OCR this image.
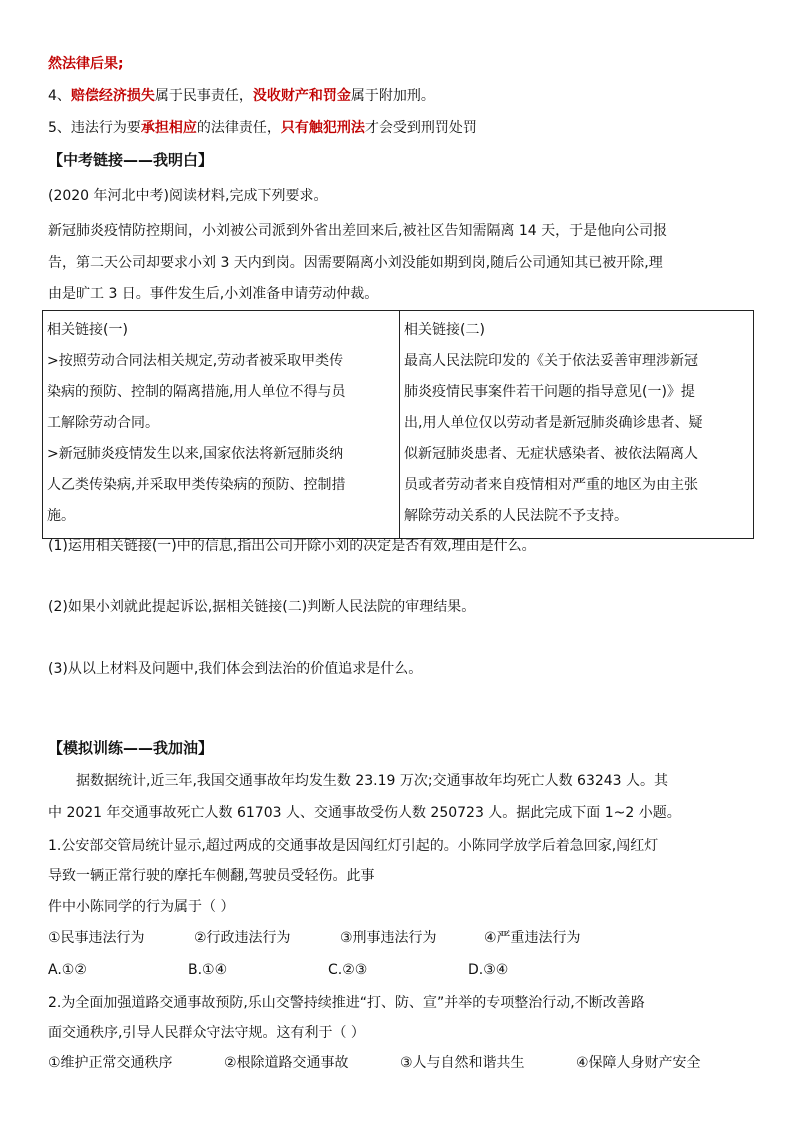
然法律后果;
4、赔偿经济损失属于民事责任，没收财产和罚金属于附加刑。
5、违法行为要承担相应的法律责任，只有触犯刑法才会受到刑罚处罚
【中考链接——我明白】
(2020 年河北中考)阅读材料,完成下列要求。
新冠肺炎疫情防控期间，小刘被公司派到外省出差回来后,被社区告知需隔离 14 天，于是他向公司报
告，第二天公司却要求小刘 3 天内到岗。因需要隔离小刘没能如期到岗,随后公司通知其已被开除,理
由是旷工 3 日。事件发生后,小刘准备申请劳动仲裁。
相关链接(一)
>按照劳动合同法相关规定,劳动者被采取甲类传
染病的预防、控制的隔离措施,用人单位不得与员
工解除劳动合同。
>新冠肺炎疫情发生以来,国家依法将新冠肺炎纳
人乙类传染病,并采取甲类传染病的预防、控制措
施。

相关链接(二)
最高人民法院印发的《关于依法妥善审理涉新冠
肺炎疫情民事案件若干问题的指导意见(一)》提
出,用人单位仅以劳动者是新冠肺炎确诊患者、疑
似新冠肺炎患者、无症状感染者、被依法隔离人
员或者劳动者来自疫情相对严重的地区为由主张
解除劳动关系的人民法院不予支持。
(1)运用相关链接(一)中的信息,指出公司开除小刘的决定是否有效,理由是什么。
(2)如果小刘就此提起诉讼,据相关链接(二)判断人民法院的审理结果。
(3)从以上材料及问题中,我们体会到法治的价值追求是什么。
【模拟训练——我加油】
据数据统计,近三年,我国交通事故年均发生数 23.19 万次;交通事故年均死亡人数 63243 人。其
中 2021 年交通事故死亡人数 61703 人、交通事故受伤人数 250723 人。据此完成下面 1~2 小题。
1.公安部交管局统计显示,超过两成的交通事故是因闯红灯引起的。小陈同学放学后着急回家,闯红灯
导致一辆正常行驶的摩托车侧翻,驾驶员受轻伤。此事
件中小陈同学的行为属于（ ）
①民事违法行为	②行政违法行为	③刑事违法行为	④严重违法行为
A.①②	B.①④	C.②③	D.③④
2.为全面加强道路交通事故预防,乐山交警持续推进“打、防、宣”并举的专项整治行动,不断改善路
面交通秩序,引导人民群众守法守规。这有利于（ ）
①维护正常交通秩序	②根除道路交通事故	③人与自然和谐共生	④保障人身财产安全
